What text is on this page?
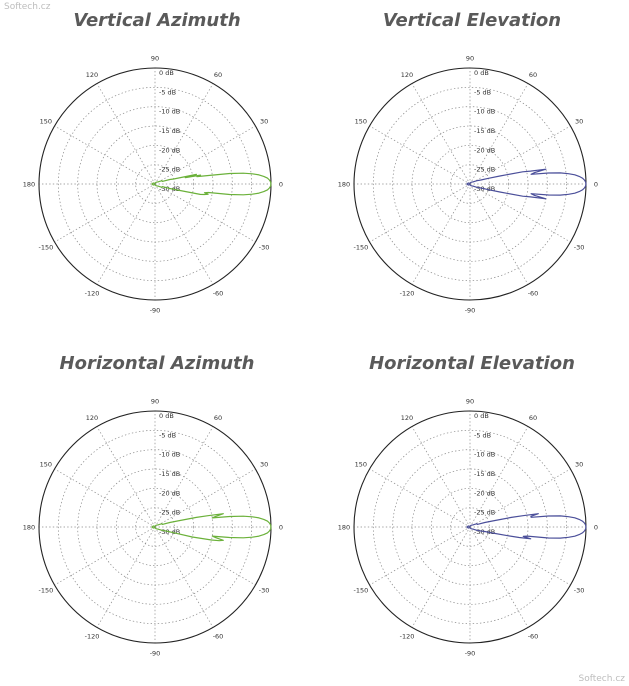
Softech.cz
Vertical Azimuth
0
30
60
90
120
150
180
-150
-120
-90
-60
-30
0 dB
-5 dB
-10 dB
-15 dB
-20 dB
-25 dB
-30 dB
Vertical Elevation
0
30
60
90
120
150
180
-150
-120
-90
-60
-30
0 dB
-5 dB
-10 dB
-15 dB
-20 dB
-25 dB
-30 dB
Horizontal Azimuth
0
30
60
90
120
150
180
-150
-120
-90
-60
-30
0 dB
-5 dB
-10 dB
-15 dB
-20 dB
-25 dB
-30 dB
Horizontal Elevation
0
30
60
90
120
150
180
-150
-120
-90
-60
-30
0 dB
-5 dB
-10 dB
-15 dB
-20 dB
-25 dB
-30 dB
Softech.cz
